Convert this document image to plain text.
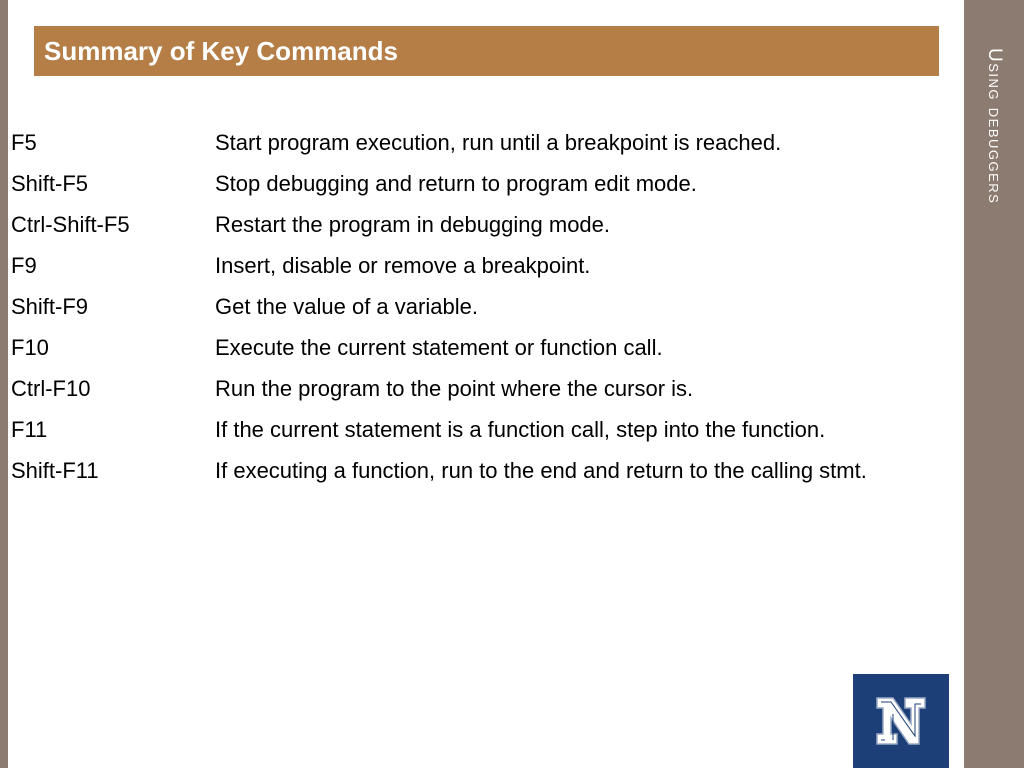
Using debuggers
Summary of Key Commands
F5	Start program execution, run until a breakpoint is reached.
Shift-F5	Stop debugging and return to program edit mode.
Ctrl-Shift-F5	Restart the program in debugging mode.
F9	Insert, disable or remove a breakpoint.
Shift-F9	Get the value of a variable.
F10	Execute the current statement or function call.
Ctrl-F10	Run the program to the point where the cursor is.
F11	If the current statement is a function call, step into the function.
Shift-F11	If executing a function, run to the end and return to the calling stmt.
